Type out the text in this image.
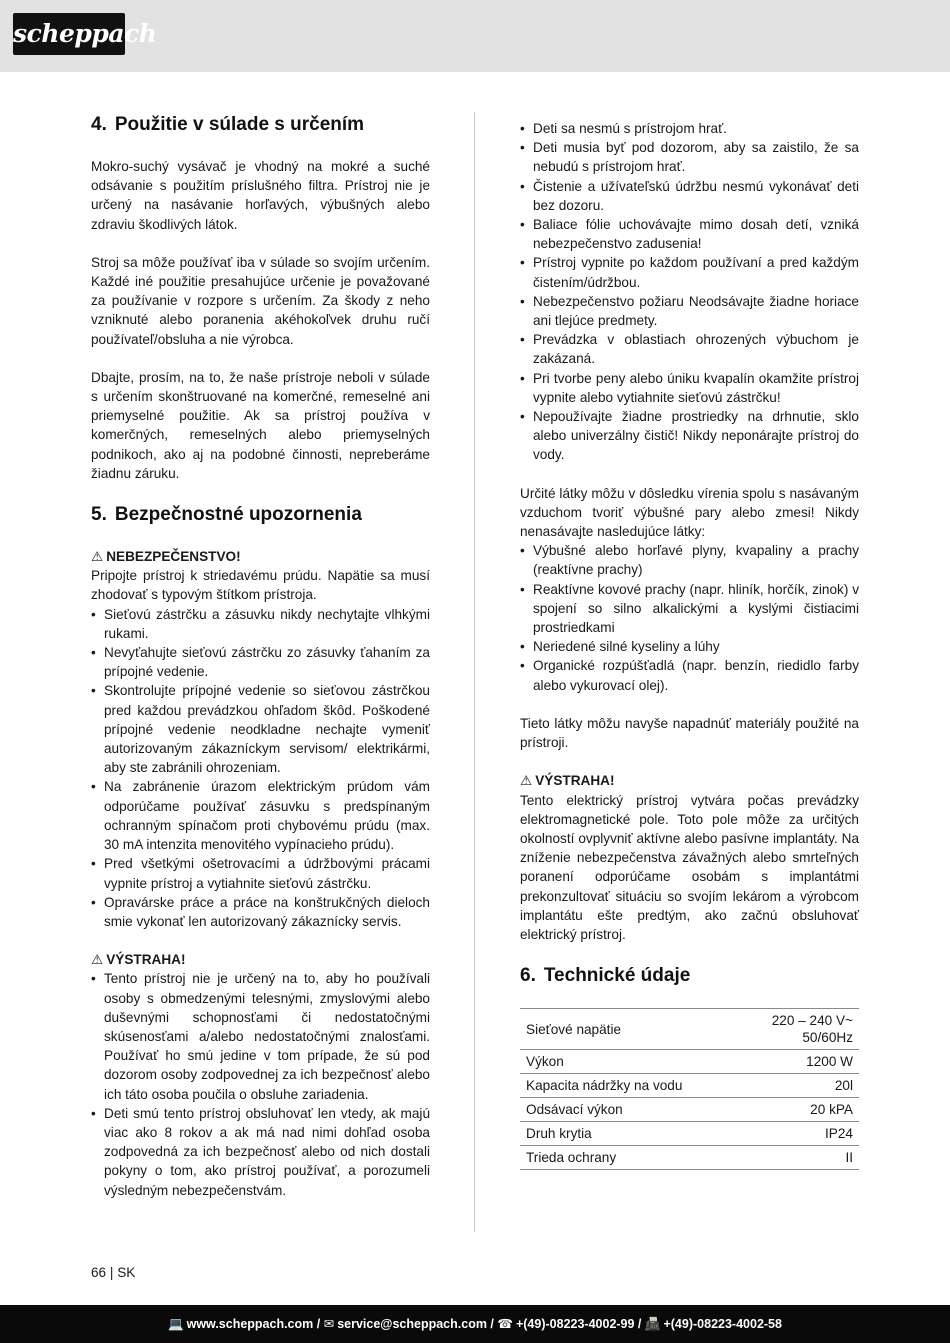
scheppach
4. Použitie v súlade s určením

Mokro-suchý vysávač je vhodný na mokré a suché odsávanie s použitím príslušného filtra. Prístroj nie je určený na nasávanie horľavých, výbušných alebo zdraviu škodlivých látok.

Stroj sa môže používať iba v súlade so svojím určením. Každé iné použitie presahujúce určenie je považované za používanie v rozpore s určením. Za škody z neho vzniknuté alebo poranenia akéhokoľvek druhu ručí používateľ/obsluha a nie výrobca.

Dbajte, prosím, na to, že naše prístroje neboli v súlade s určením skonštruované na komerčné, remeselné ani priemyselné použitie. Ak sa prístroj používa v komerčných, remeselných alebo priemyselných podnikoch, ako aj na podobné činnosti, nepreberáme žiadnu záruku.

5. Bezpečnostné upozornenia
⚠ NEBEZPEČENSTVO!

Pripojte prístroj k striedavému prúdu. Napätie sa musí zhodovať s typovým štítkom prístroja.

• Sieťovú zástrčku a zásuvku nikdy nechytajte vlhkými rukami.
• Nevyťahujte sieťovú zástrčku zo zásuvky ťahaním za prípojné vedenie.
• Skontrolujte prípojné vedenie so sieťovou zástrčkou pred každou prevádzkou ohľadom škôd. Poškodené prípojné vedenie neodkladne nechajte vymeniť autorizovaným zákazníckym servisom/ elektrikármi, aby ste zabránili ohrozeniam.
• Na zabránenie úrazom elektrickým prúdom vám odporúčame používať zásuvku s predspínaným ochranným spínačom proti chybovému prúdu (max. 30 mA intenzita menovitého vypínacieho prúdu).
• Pred všetkými ošetrovacími a údržbovými prácami vypnite prístroj a vytiahnite sieťovú zástrčku.
• Opravárske práce a práce na konštrukčných dieloch smie vykonať len autorizovaný zákaznícky servis.
⚠ VÝSTRAHA!
• Tento prístroj nie je určený na to, aby ho používali osoby s obmedzenými telesnými, zmyslovými alebo duševnými schopnosťami či nedostatočnými skúsenosťami a/alebo nedostatočnými znalosťami. Používať ho smú jedine v tom prípade, že sú pod dozorom osoby zodpovednej za ich bezpečnosť alebo ich táto osoba poučila o obsluhe zariadenia.
• Deti smú tento prístroj obsluhovať len vtedy, ak majú viac ako 8 rokov a ak má nad nimi dohľad osoba zodpovedná za ich bezpečnosť alebo od nich dostali pokyny o tom, ako prístroj používať, a porozumeli výsledným nebezpečenstvám.
• Deti sa nesmú s prístrojom hrať.
• Deti musia byť pod dozorom, aby sa zaistilo, že sa nebudú s prístrojom hrať.
• Čistenie a užívateľskú údržbu nesmú vykonávať deti bez dozoru.
• Baliace fólie uchovávajte mimo dosah detí, vzniká nebezpečenstvo zadusenia!
• Prístroj vypnite po každom používaní a pred každým čistením/údržbou.
• Nebezpečenstvo požiaru Neodsávajte žiadne horiace ani tlejúce predmety.
• Prevádzka v oblastiach ohrozených výbuchom je zakázaná.
• Pri tvorbe peny alebo úniku kvapalín okamžite prístroj vypnite alebo vytiahnite sieťovú zástrčku!
• Nepoužívajte žiadne prostriedky na drhnutie, sklo alebo univerzálny čistič! Nikdy neponárajte prístroj do vody.

Určité látky môžu v dôsledku vírenia spolu s nasávaným vzduchom tvoriť výbušné pary alebo zmesi! Nikdy nenasávajte nasledujúce látky:

• Výbušné alebo horľavé plyny, kvapaliny a prachy (reaktívne prachy)
• Reaktívne kovové prachy (napr. hliník, horčík, zinok) v spojení so silno alkalickými a kyslými čistiacimi prostriedkami
• Neriedené silné kyseliny a lúhy
• Organické rozpúšťadlá (napr. benzín, riedidlo farby alebo vykurovací olej).

Tieto látky môžu navyše napadnúť materiály použité na prístroji.

⚠ VÝSTRAHA!

Tento elektrický prístroj vytvára počas prevádzky elektromagnetické pole. Toto pole môže za určitých okolností ovplyvniť aktívne alebo pasívne implantáty. Na zníženie nebezpečenstva závažných alebo smrteľných poranení odporúčame osobám s implantátmi prekonzultovať situáciu so svojím lekárom a výrobcom implantátu ešte predtým, ako začnú obsluhovať elektrický prístroj.

6. Technické údaje
Sieťové napätie	220 – 240 V~ 50/60Hz
Výkon	1200 W
Kapacita nádržky na vodu	20l
Odsávací výkon	20 kPA
Druh krytia	IP24
Trieda ochrany	II
66 | SK
💻 www.scheppach.com / ✉ service@scheppach.com / ☎ +(49)-08223-4002-99 / 📠 +(49)-08223-4002-58
